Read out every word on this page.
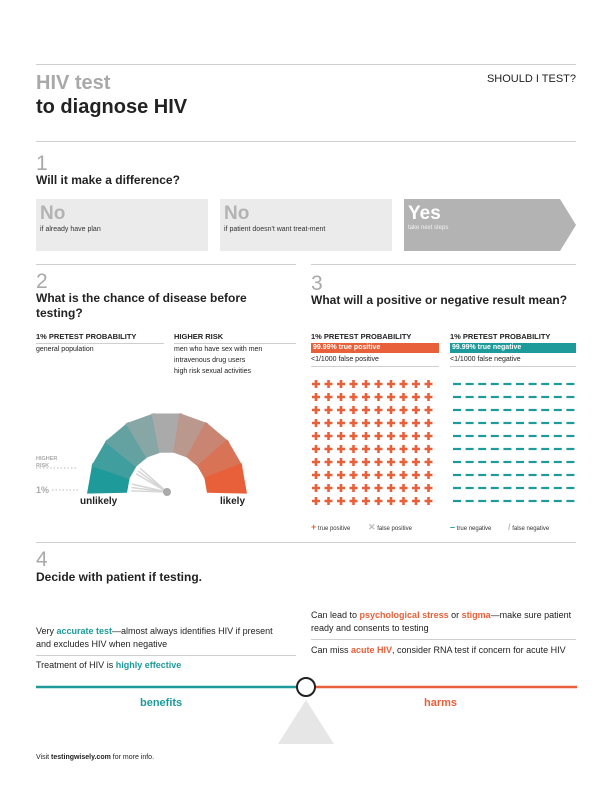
HIV test
to diagnose HIV
SHOULD I TEST?
1
Will it make a difference?
No
if already have plan
No
if patient doesn't want treat-ment
Yes
take next steps
2
What is the chance of disease before testing?
1% PRETEST PROBABILITY
general population
HIGHER RISK
men who have sex with men
intravenous drug users
high risk sexual activities
HIGHER
RISK
1%
unlikely	likely
3
What will a positive or negative result mean?
1% PRETEST PROBABILITY
99.99% true positive
<1/1000 false positive
1% PRETEST PROBABILITY
99.99% true negative
<1/1000 false negative
+ true positive ✕ false positive	– true negative / false negative
4
Decide with patient if testing.
Very accurate test—almost always identifies HIV if present and excludes HIV when negative
Treatment of HIV is highly effective
Can lead to psychological stress or stigma—make sure patient ready and consents to testing
Can miss acute HIV, consider RNA test if concern for acute HIV
benefits	harms
Visit testingwisely.com for more info.
